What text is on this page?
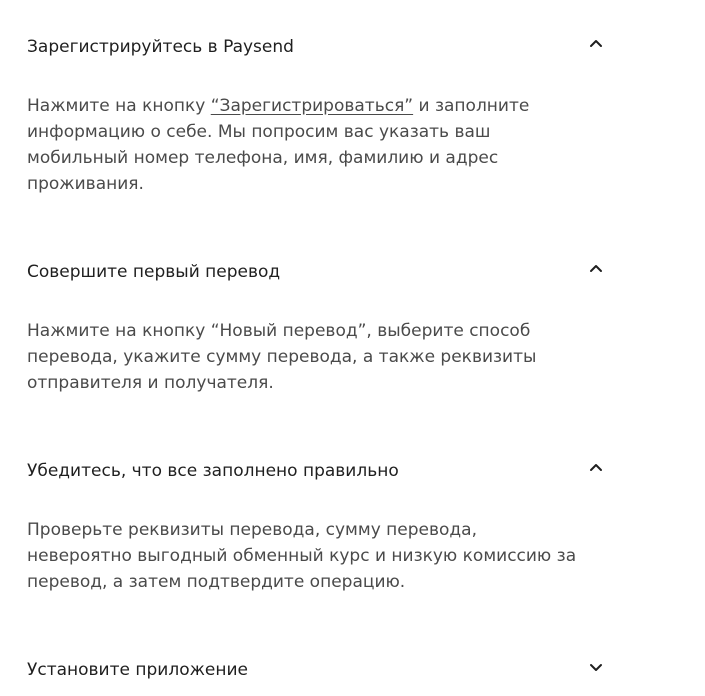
Зарегистрируйтесь в Paysend
Нажмите на кнопку “Зарегистрироваться” и заполните информацию о себе. Мы попросим вас указать ваш мобильный номер телефона, имя, фамилию и адрес проживания.
Совершите первый перевод
Нажмите на кнопку “Новый перевод”, выберите способ перевода, укажите сумму перевода, а также реквизиты отправителя и получателя.
Убедитесь, что все заполнено правильно
Проверьте реквизиты перевода, сумму перевода, невероятно выгодный обменный курс и низкую комиссию за перевод, а затем подтвердите операцию.
Установите приложение
